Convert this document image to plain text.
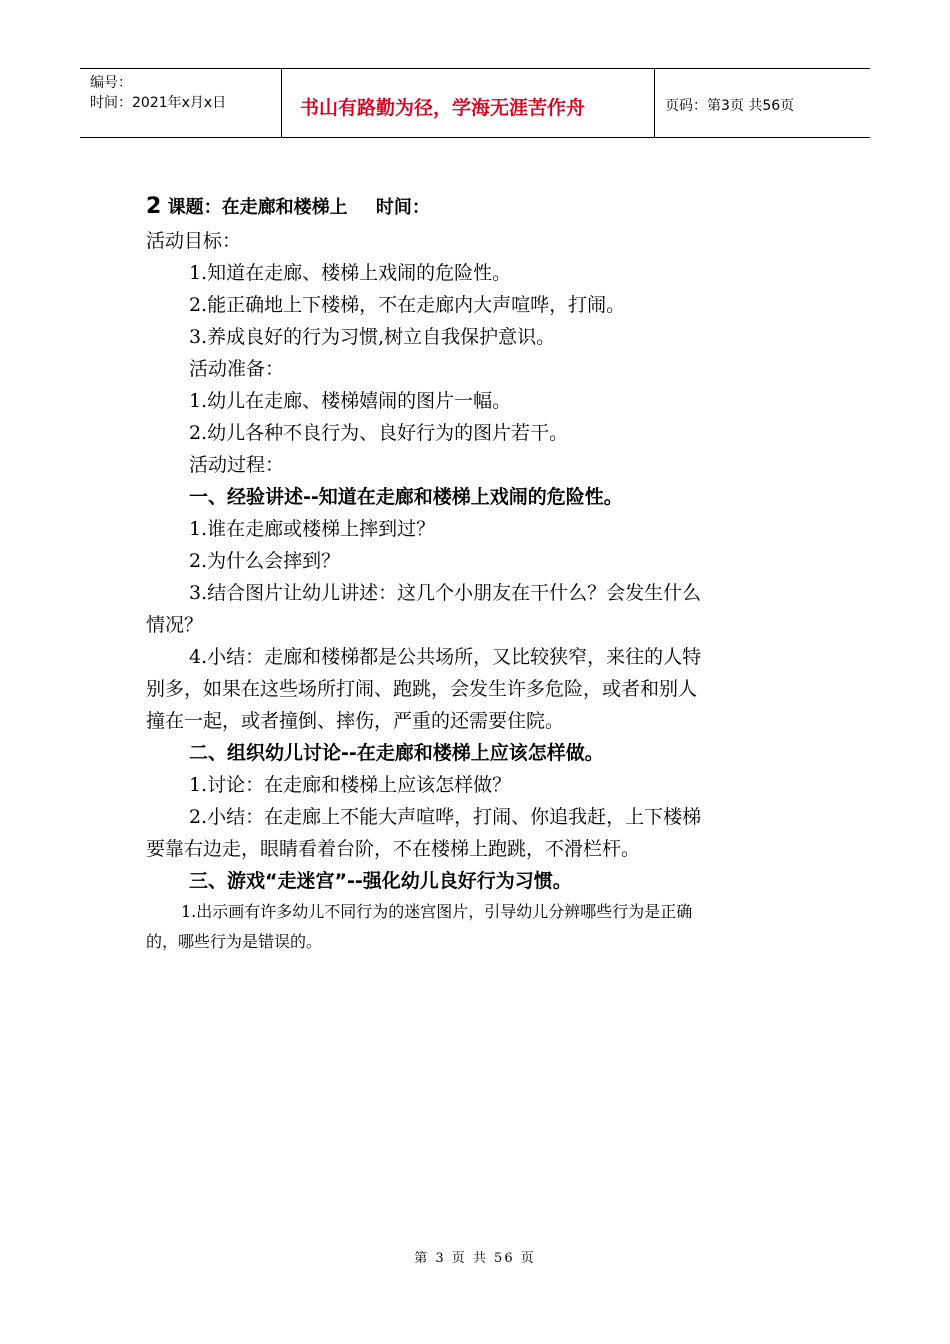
编号：
时间：2021年x月x日	书山有路勤为径，学海无涯苦作舟	页码：第3页 共56页
2 课题：在走廊和楼梯上 时间：
活动目标：
1.知道在走廊、楼梯上戏闹的危险性。
2.能正确地上下楼梯，不在走廊内大声喧哗，打闹。
3.养成良好的行为习惯,树立自我保护意识。
活动准备：
1.幼儿在走廊、楼梯嬉闹的图片一幅。
2.幼儿各种不良行为、良好行为的图片若干。
活动过程：
一、经验讲述--知道在走廊和楼梯上戏闹的危险性。
1.谁在走廊或楼梯上摔到过？
2.为什么会摔到？
3.结合图片让幼儿讲述：这几个小朋友在干什么？会发生什么
情况？
4.小结：走廊和楼梯都是公共场所，又比较狭窄，来往的人特
别多，如果在这些场所打闹、跑跳，会发生许多危险，或者和别人
撞在一起，或者撞倒、摔伤，严重的还需要住院。
二、组织幼儿讨论--在走廊和楼梯上应该怎样做。
1.讨论：在走廊和楼梯上应该怎样做？
2.小结：在走廊上不能大声喧哗，打闹、你追我赶，上下楼梯
要靠右边走，眼睛看着台阶，不在楼梯上跑跳，不滑栏杆。
三、游戏“走迷宫”--强化幼儿良好行为习惯。
1.出示画有许多幼儿不同行为的迷宫图片，引导幼儿分辨哪些行为是正确
的，哪些行为是错误的。
第 3 页 共 56 页
